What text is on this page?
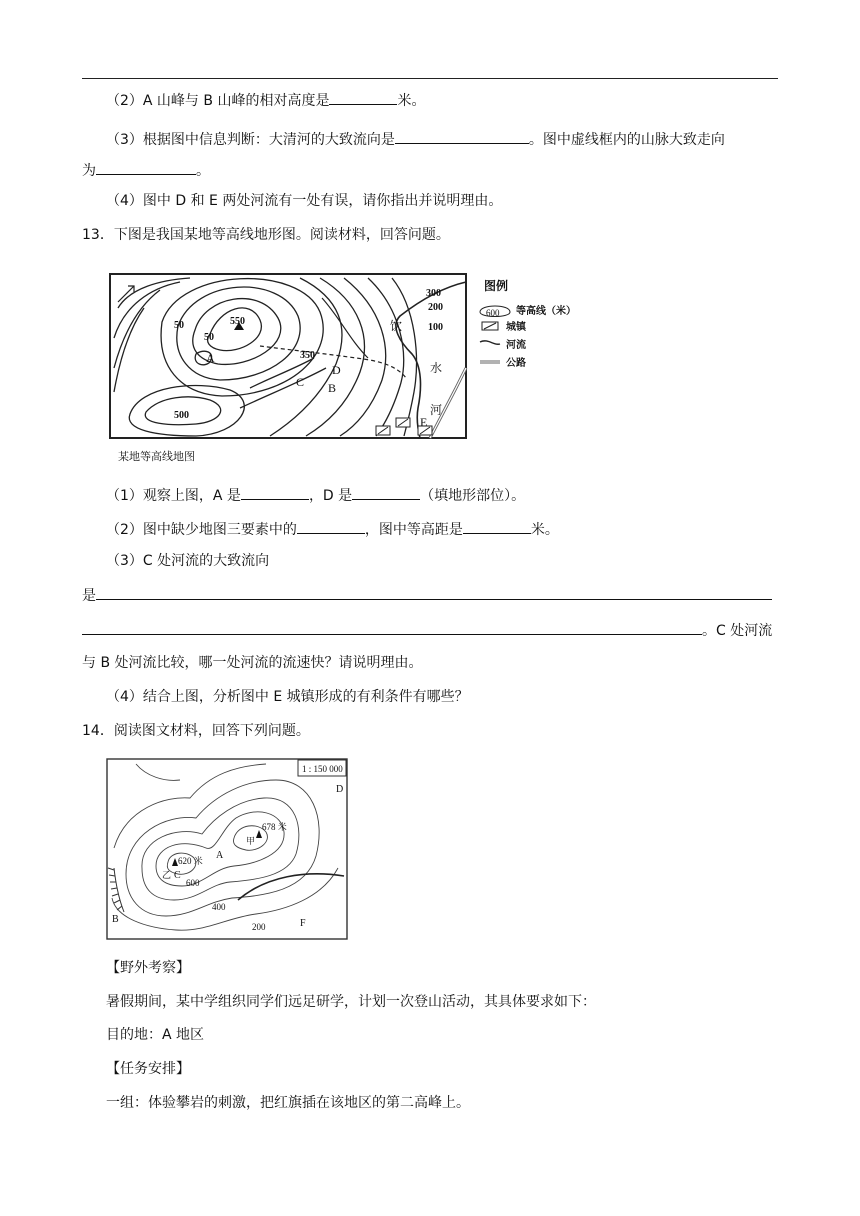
（2）A 山峰与 B 山峰的相对高度是	米。
（3）根据图中信息判断：大清河的大致流向是	。图中虚线框内的山脉大致走向
为	。
（4）图中 D 和 E 两处河流有一处有误，请你指出并说明理由。
13．下图是我国某地等高线地形图。阅读材料，回答问题。
550
50
50
350
500
300
200
100
A
B
C
D
E
饮
水
河
图例
600 等高线（米）
城镇
河流
公路
某地等高线地图
（1）观察上图，A 是	，D 是	（填地形部位）。
（2）图中缺少地图三要素中的	，图中等高距是	米。
（3）C 处河流的大致流向
是
。C 处河流
与 B 处河流比较，哪一处河流的流速快？请说明理由。
（4）结合上图，分析图中 E 城镇形成的有利条件有哪些？
14．阅读图文材料，回答下列问题。
1 : 150 000
678 米
甲
620 米
乙
600
400
200
A
B
C
D
F
【野外考察】
暑假期间，某中学组织同学们远足研学，计划一次登山活动，其具体要求如下：
目的地：A 地区
【任务安排】
一组：体验攀岩的刺激，把红旗插在该地区的第二高峰上。
